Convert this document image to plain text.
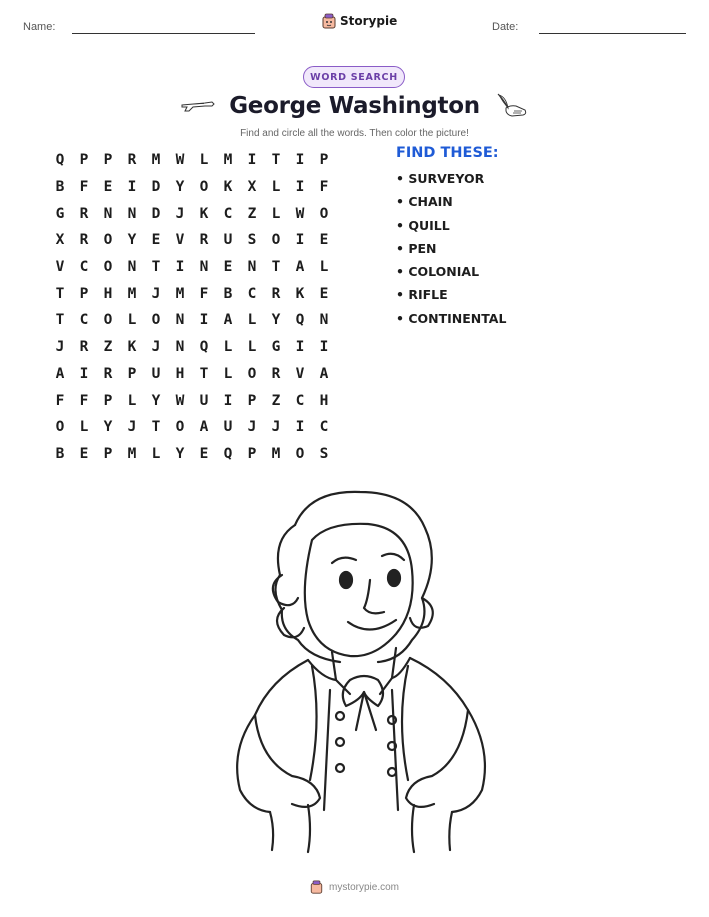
Name:	Storypie	Date:
WORD SEARCH
George Washington
Find and circle all the words. Then color the picture!
Q	P	P	R	M	W	L	M	I	T	I	P
B	F	E	I	D	Y	O	K	X	L	I	F
G	R	N	N	D	J	K	C	Z	L	W	O
X	R	O	Y	E	V	R	U	S	O	I	E
V	C	O	N	T	I	N	E	N	T	A	L
T	P	H	M	J	M	F	B	C	R	K	E
T	C	O	L	O	N	I	A	L	Y	Q	N
J	R	Z	K	J	N	Q	L	L	G	I	I
A	I	R	P	U	H	T	L	O	R	V	A
F	F	P	L	Y	W	U	I	P	Z	C	H
O	L	Y	J	T	O	A	U	J	J	I	C
B	E	P	M	L	Y	E	Q	P	M	O	S
FIND THESE:
• SURVEYOR
• CHAIN
• QUILL
• PEN
• COLONIAL
• RIFLE
• CONTINENTAL
mystorypie.com
